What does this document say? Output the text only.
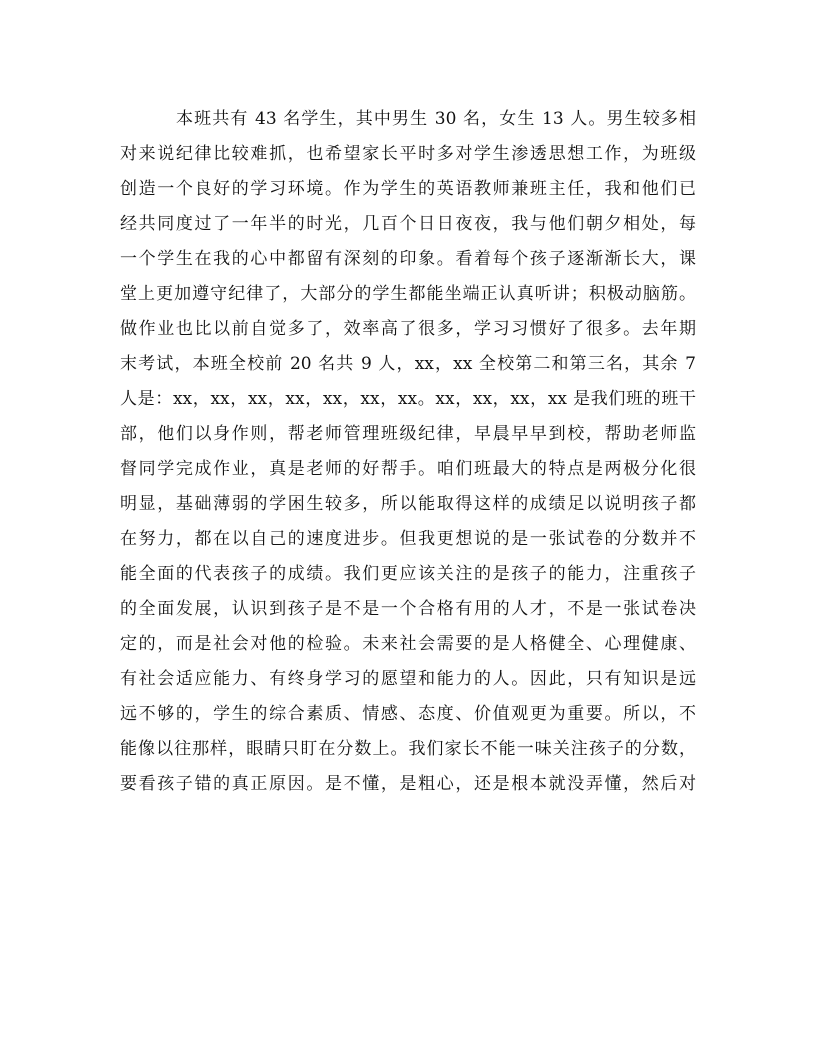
本班共有 43 名学生，其中男生 30 名，女生 13 人。男生较多相
对来说纪律比较难抓，也希望家长平时多对学生渗透思想工作，为班级
创造一个良好的学习环境。作为学生的英语教师兼班主任，我和他们已
经共同度过了一年半的时光，几百个日日夜夜，我与他们朝夕相处，每
一个学生在我的心中都留有深刻的印象。看着每个孩子逐渐渐长大，课
堂上更加遵守纪律了，大部分的学生都能坐端正认真听讲；积极动脑筋。
做作业也比以前自觉多了，效率高了很多，学习习惯好了很多。去年期
末考试，本班全校前 20 名共 9 人，xx，xx 全校第二和第三名，其余 7
人是：xx，xx，xx，xx，xx，xx，xx。xx，xx，xx，xx 是我们班的班干
部，他们以身作则，帮老师管理班级纪律，早晨早早到校，帮助老师监
督同学完成作业，真是老师的好帮手。咱们班最大的特点是两极分化很
明显，基础薄弱的学困生较多，所以能取得这样的成绩足以说明孩子都
在努力，都在以自己的速度进步。但我更想说的是一张试卷的分数并不
能全面的代表孩子的成绩。我们更应该关注的是孩子的能力，注重孩子
的全面发展，认识到孩子是不是一个合格有用的人才，不是一张试卷决
定的，而是社会对他的检验。未来社会需要的是人格健全、心理健康、
有社会适应能力、有终身学习的愿望和能力的人。因此，只有知识是远
远不够的，学生的综合素质、情感、态度、价值观更为重要。所以，不
能像以往那样，眼睛只盯在分数上。我们家长不能一味关注孩子的分数，
要看孩子错的真正原因。是不懂，是粗心，还是根本就没弄懂，然后对
